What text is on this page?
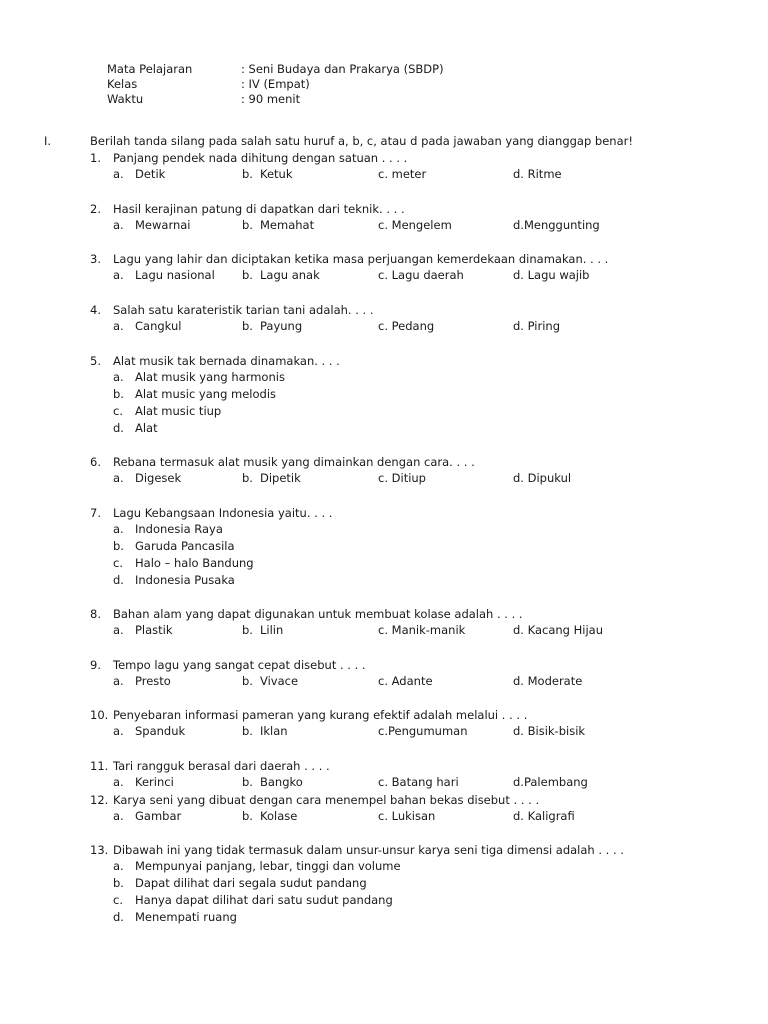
Mata Pelajaran	: Seni Budaya dan Prakarya (SBDP)
Kelas	: IV (Empat)
Waktu	: 90 menit
I.	Berilah tanda silang pada salah satu huruf a, b, c, atau d pada jawaban yang dianggap benar!
1.	Panjang pendek nada dihitung dengan satuan . . . .
a. Detik	b. Ketuk	c. meter	d. Ritme
2.	Hasil kerajinan patung di dapatkan dari teknik. . . .
a. Mewarnai	b. Memahat	c. Mengelem	d.Menggunting
3.	Lagu yang lahir dan diciptakan ketika masa perjuangan kemerdekaan dinamakan. . . .
a. Lagu nasional b. Lagu anak	c. Lagu daerah	d. Lagu wajib
4.	Salah satu karateristik tarian tani adalah. . . .
a. Cangkul	b. Payung	c. Pedang	d. Piring
5.	Alat musik tak bernada dinamakan. . . .
a. Alat musik yang harmonis
b. Alat music yang melodis
c. Alat music tiup
d. Alat
6.	Rebana termasuk alat musik yang dimainkan dengan cara. . . .
a. Digesek	b. Dipetik	c. Ditiup	d. Dipukul
7.	Lagu Kebangsaan Indonesia yaitu. . . .
a. Indonesia Raya
b. Garuda Pancasila
c. Halo – halo Bandung
d. Indonesia Pusaka
8.	Bahan alam yang dapat digunakan untuk membuat kolase adalah . . . .
a. Plastik	b. Lilin	c. Manik-manik	d. Kacang Hijau
9.	Tempo lagu yang sangat cepat disebut . . . .
a. Presto	b. Vivace	c. Adante	d. Moderate
10. Penyebaran informasi pameran yang kurang efektif adalah melalui . . . .
a. Spanduk	b. Iklan	c.Pengumuman	d. Bisik-bisik
11. Tari rangguk berasal dari daerah . . . .
a. Kerinci	b. Bangko	c. Batang hari	d.Palembang
12. Karya seni yang dibuat dengan cara menempel bahan bekas disebut . . . .
a. Gambar	b. Kolase	c. Lukisan	d. Kaligrafi
13. Dibawah ini yang tidak termasuk dalam unsur-unsur karya seni tiga dimensi adalah . . . .
a. Mempunyai panjang, lebar, tinggi dan volume
b. Dapat dilihat dari segala sudut pandang
c. Hanya dapat dilihat dari satu sudut pandang
d. Menempati ruang
